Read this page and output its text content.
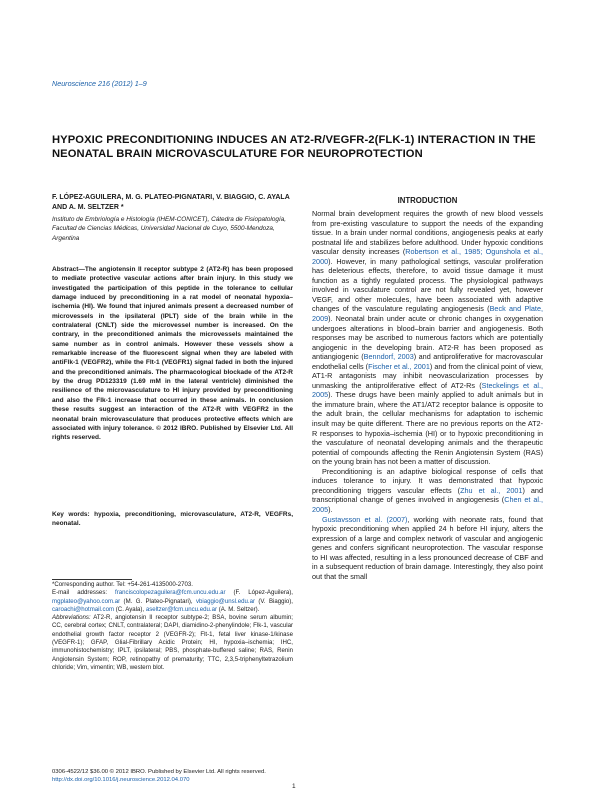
Neuroscience 216 (2012) 1–9
HYPOXIC PRECONDITIONING INDUCES AN AT2-R/VEGFR-2(FLK-1) INTERACTION IN THE NEONATAL BRAIN MICROVASCULATURE FOR NEUROPROTECTION
F. LÓPEZ-AGUILERA, M. G. PLATEO-PIGNATARI, V. BIAGGIO, C. AYALA AND A. M. SELTZER *
Instituto de Embriología e Histología (IHEM-CONICET), Cátedra de Fisiopatología, Facultad de Ciencias Médicas, Universidad Nacional de Cuyo, 5500-Mendoza, Argentina
Abstract—The angiotensin II receptor subtype 2 (AT2-R) has been proposed to mediate protective vascular actions after brain injury. In this study we investigated the participation of this peptide in the tolerance to cellular damage induced by preconditioning in a rat model of neonatal hypoxia–ischemia (HI). We found that injured animals present a decreased number of microvessels in the ipsilateral (IPLT) side of the brain while in the contralateral (CNLT) side the microvessel number is increased. On the contrary, in the preconditioned animals the microvessels maintained the same number as in control animals. However these vessels show a remarkable increase of the fluorescent signal when they are labeled with antiFlk-1 (VEGFR2), while the Flt-1 (VEGFR1) signal faded in both the injured and the preconditioned animals. The pharmacological blockade of the AT2-R by the drug PD123319 (1.69 mM in the lateral ventricle) diminished the resilience of the microvasculature to HI injury provided by preconditioning and also the Flk-1 increase that occurred in these animals. In conclusion these results suggest an interaction of the AT2-R with VEGFR2 in the neonatal brain microvasculature that produces protective effects which are associated with injury tolerance. © 2012 IBRO. Published by Elsevier Ltd. All rights reserved.
Key words: hypoxia, preconditioning, microvasculature, AT2-R, VEGFRs, neonatal.
*Corresponding author. Tel: +54-261-4135000-2703.
E-mail addresses: franciscolopezaguilera@fcm.uncu.edu.ar (F. López-Aguilera), mgplateo@yahoo.com.ar (M. G. Plateo-Pignatari), vbiaggio@unsl.edu.ar (V. Biaggio), caroachi@hotmail.com (C. Ayala), aseltzer@fcm.uncu.edu.ar (A. M. Seltzer).
Abbreviations: AT2-R, angiotensin II receptor subtype-2; BSA, bovine serum albumin; CC, cerebral cortex; CNLT, contralateral; DAPI, diamidino-2-phenylindole; Flk-1, vascular endothelial growth factor receptor 2 (VEGFR-2); Flt-1, fetal liver kinase-1/kinase (VEGFR-1); GFAP, Glial-Fibrillary Acidic Protein; HI, hypoxia–ischemia; IHC, immunohistochemistry; IPLT, ipsilateral; PBS, phosphate-buffered saline; RAS, Renin Angiotensin System; ROP, retinopathy of prematurity; TTC, 2,3,5-triphenyltetrazolium chloride; Vim, vimentin; WB, western blot.
INTRODUCTION

Normal brain development requires the growth of new blood vessels from pre-existing vasculature to support the needs of the expanding tissue. In a brain under normal conditions, angiogenesis peaks at early postnatal life and stabilizes before adulthood. Under hypoxic conditions vascular density increases (Robertson et al., 1985; Ogunshola et al., 2000). However, in many pathological settings, vascular proliferation has deleterious effects, therefore, to avoid tissue damage it must function as a tightly regulated process. The physiological pathways involved in vasculature control are not fully revealed yet, however VEGF, and other molecules, have been associated with adaptive changes of the vasculature regulating angiogenesis (Beck and Plate, 2009). Neonatal brain under acute or chronic changes in oxygenation undergoes alterations in blood–brain barrier and angiogenesis. Both responses may be ascribed to numerous factors which are potentially angiogenic in the developing brain. AT2-R has been proposed as antiangiogenic (Benndorf, 2003) and antiproliferative for macrovascular endothelial cells (Fischer et al., 2001) and from the clinical point of view, AT1-R antagonists may inhibit neovascularization processes by unmasking the antiproliferative effect of AT2-Rs (Steckelings et al., 2005). These drugs have been mainly applied to adult animals but in the immature brain, where the AT1/AT2 receptor balance is opposite to the adult brain, the cellular mechanisms for adaptation to ischemic insult may be quite different. There are no previous reports on the AT2-R responses to hypoxia–ischemia (HI) or to hypoxic preconditioning in the vasculature of neonatal developing animals and the therapeutic potential of compounds affecting the Renin Angiotensin System (RAS) on the young brain has not been a matter of discussion.

Preconditioning is an adaptive biological response of cells that induces tolerance to injury. It was demonstrated that hypoxic preconditioning triggers vascular effects (Zhu et al., 2001) and transcriptional change of genes involved in angiogenesis (Chen et al., 2005).

Gustavsson et al. (2007), working with neonate rats, found that hypoxic preconditioning when applied 24 h before HI injury, alters the expression of a large and complex network of vascular and angiogenic genes and confers significant neuroprotection. The vascular response to HI was affected, resulting in a less pronounced decrease of CBF and in a subsequent reduction of brain damage. Interestingly, they also point out that the small

0306-4522/12 $36.00 © 2012 IBRO. Published by Elsevier Ltd. All rights reserved.
http://dx.doi.org/10.1016/j.neuroscience.2012.04.070
1
